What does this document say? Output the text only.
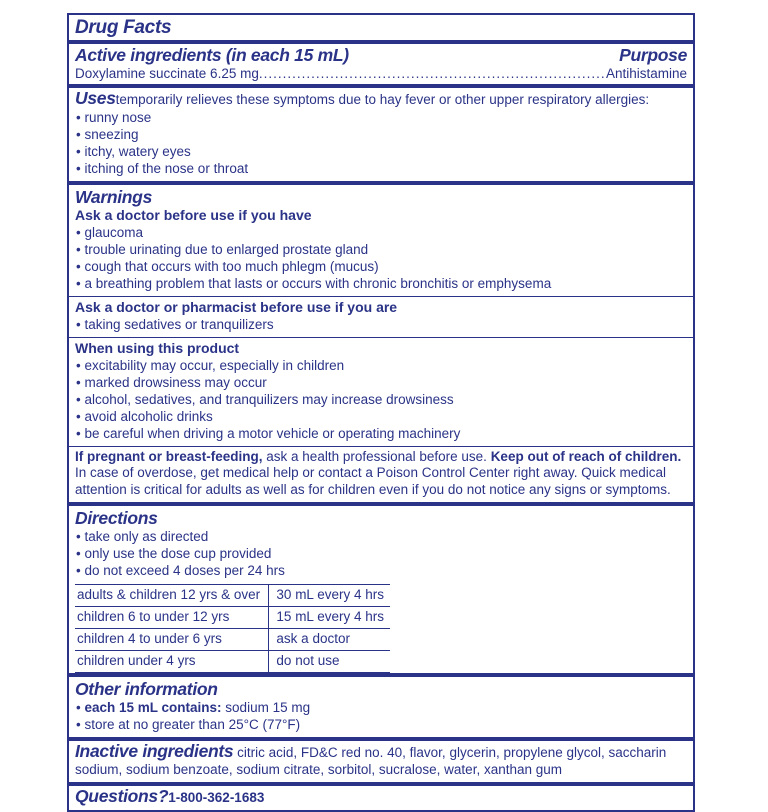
Drug Facts
Active ingredients (in each 15 mL)	Purpose
Doxylamine succinate 6.25 mg .....	Antihistamine
Usestemporarily relieves these symptoms due to hay fever or other upper respiratory allergies:
• runny nose
• sneezing
• itchy, watery eyes
• itching of the nose or throat
Warnings
Ask a doctor before use if you have
• glaucoma
• trouble urinating due to enlarged prostate gland
• cough that occurs with too much phlegm (mucus)
• a breathing problem that lasts or occurs with chronic bronchitis or emphysema
Ask a doctor or pharmacist before use if you are
• taking sedatives or tranquilizers
When using this product
• excitability may occur, especially in children
• marked drowsiness may occur
• alcohol, sedatives, and tranquilizers may increase drowsiness
• avoid alcoholic drinks
• be careful when driving a motor vehicle or operating machinery
If pregnant or breast-feeding, ask a health professional before use. Keep out of reach of children. In case of overdose, get medical help or contact a Poison Control Center right away. Quick medical attention is critical for adults as well as for children even if you do not notice any signs or symptoms.
Directions
• take only as directed
• only use the dose cup provided
• do not exceed 4 doses per 24 hrs
adults & children 12 yrs & over	30 mL every 4 hrs
children 6 to under 12 yrs	15 mL every 4 hrs
children 4 to under 6 yrs	ask a doctor
children under 4 yrs	do not use
Other information
• each 15 mL contains: sodium 15 mg
• store at no greater than 25°C (77°F)
Inactive ingredients citric acid, FD&C red no. 40, flavor, glycerin, propylene glycol, saccharin sodium, sodium benzoate, sodium citrate, sorbitol, sucralose, water, xanthan gum
Questions?1-800-362-1683
